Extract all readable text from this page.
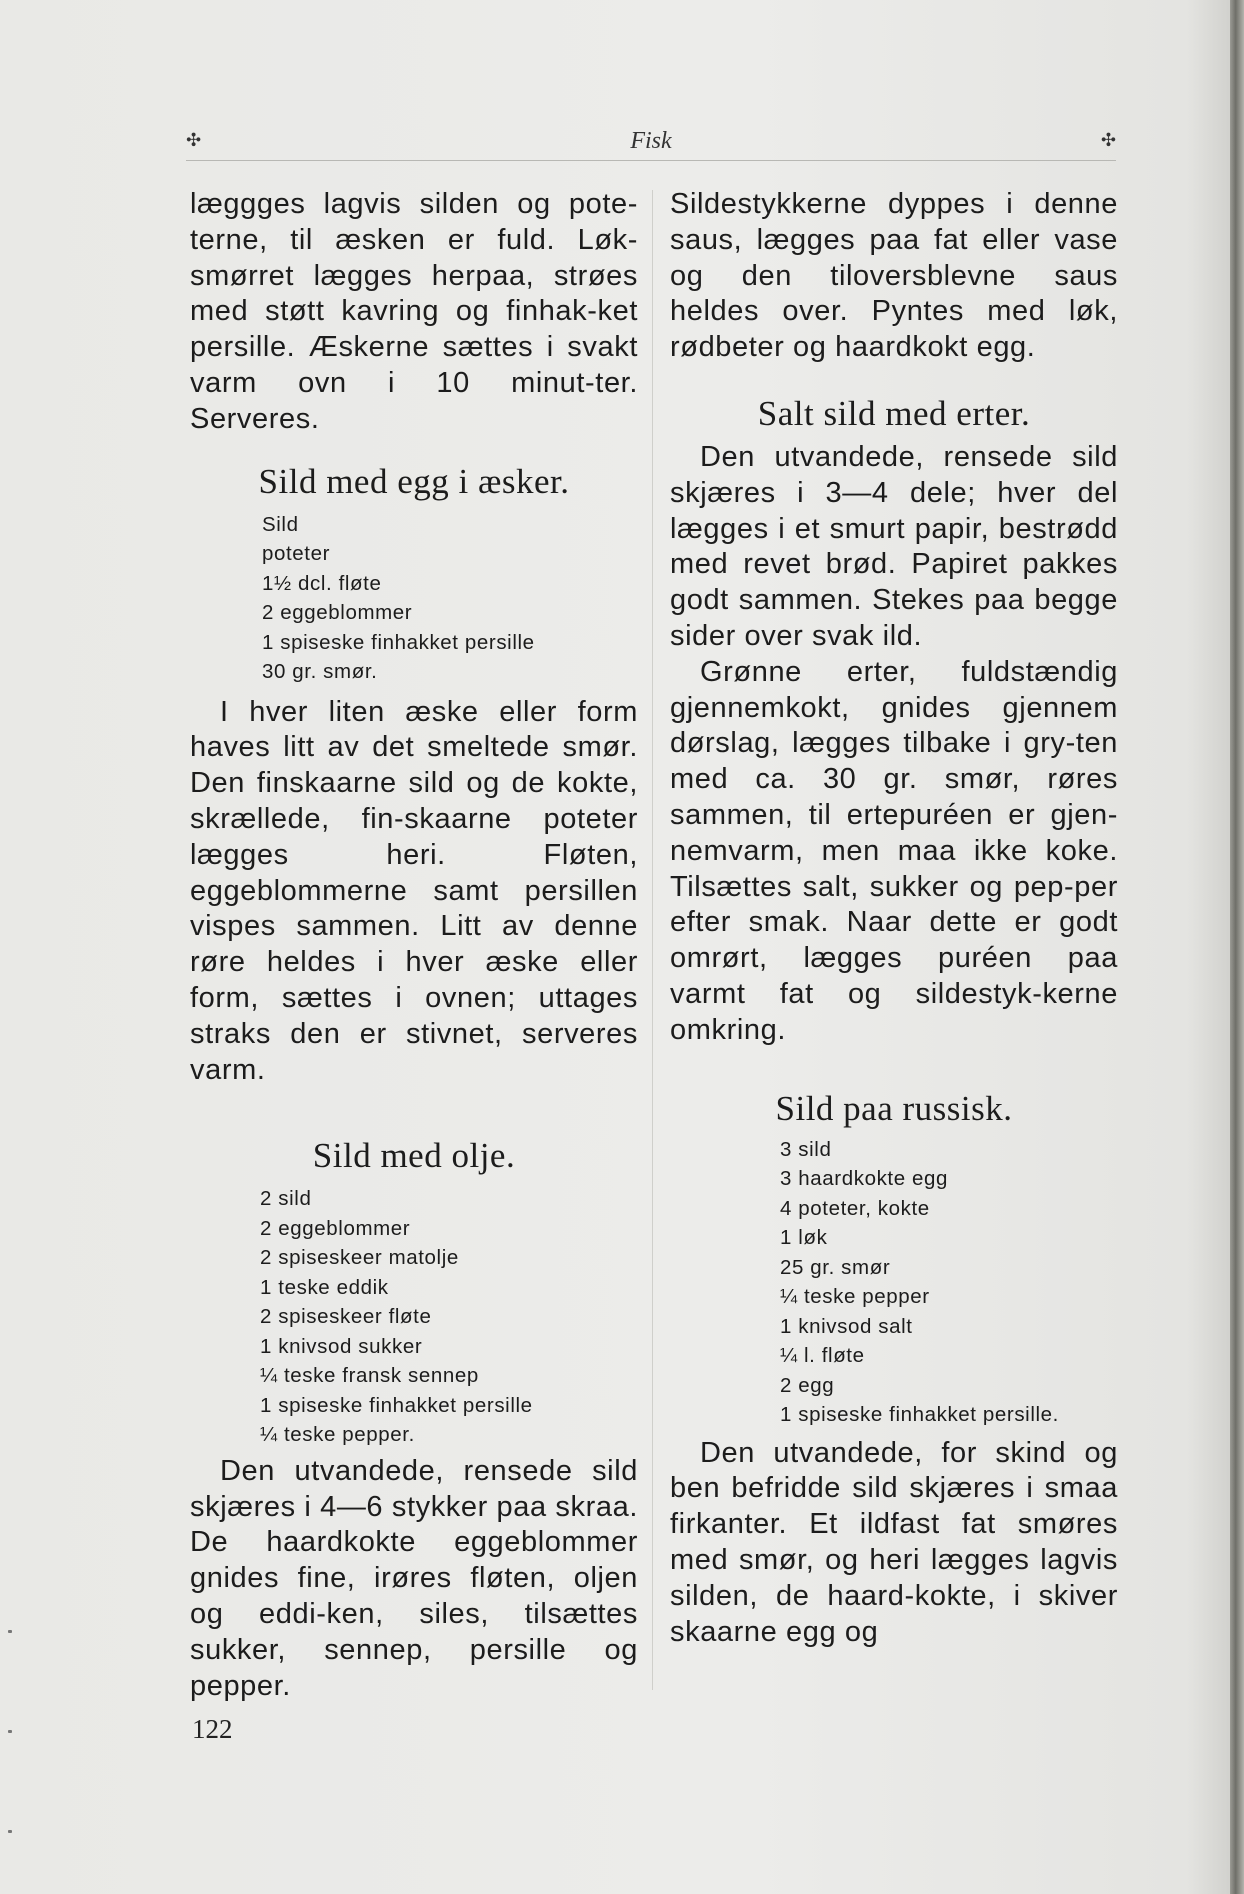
✣	Fisk	✣

læggges lagvis silden og pote-terne, til æsken er fuld. Løk-smørret lægges herpaa, strøes med støtt kavring og finhak-ket persille. Æskerne sættes i svakt varm ovn i 10 minut-ter. Serveres.

Sild med egg i æsker.
Sild
poteter
1½ dcl. fløte
2 eggeblommer
1 spiseske finhakket persille
30 gr. smør.

I hver liten æske eller form haves litt av det smeltede smør. Den finskaarne sild og de kokte, skrællede, fin-skaarne poteter lægges heri. Fløten, eggeblommerne samt persillen vispes sammen. Litt av denne røre heldes i hver æske eller form, sættes i ovnen; uttages straks den er stivnet, serveres varm.

Sild med olje.
2 sild
2 eggeblommer
2 spiseskeer matolje
1 teske eddik
2 spiseskeer fløte
1 knivsod sukker
¼ teske fransk sennep
1 spiseske finhakket persille
¼ teske pepper.

Den utvandede, rensede sild skjæres i 4—6 stykker paa skraa. De haardkokte eggeblommer gnides fine, irøres fløten, oljen og eddi-ken, siles, tilsættes sukker, sennep, persille og pepper.

Sildestykkerne dyppes i denne saus, lægges paa fat eller vase og den tiloversblevne saus heldes over. Pyntes med løk, rødbeter og haardkokt egg.

Salt sild med erter.

Den utvandede, rensede sild skjæres i 3—4 dele; hver del lægges i et smurt papir, bestrødd med revet brød. Papiret pakkes godt sammen. Stekes paa begge sider over svak ild.

Grønne erter, fuldstændig gjennemkokt, gnides gjennem dørslag, lægges tilbake i gry-ten med ca. 30 gr. smør, røres sammen, til ertepuréen er gjen-nemvarm, men maa ikke koke. Tilsættes salt, sukker og pep-per efter smak. Naar dette er godt omrørt, lægges puréen paa varmt fat og sildestyk-kerne omkring.

Sild paa russisk.
3 sild
3 haardkokte egg
4 poteter, kokte
1 løk
25 gr. smør
¼ teske pepper
1 knivsod salt
¼ l. fløte
2 egg
1 spiseske finhakket persille.

Den utvandede, for skind og ben befridde sild skjæres i smaa firkanter. Et ildfast fat smøres med smør, og heri lægges lagvis silden, de haard-kokte, i skiver skaarne egg og

122
